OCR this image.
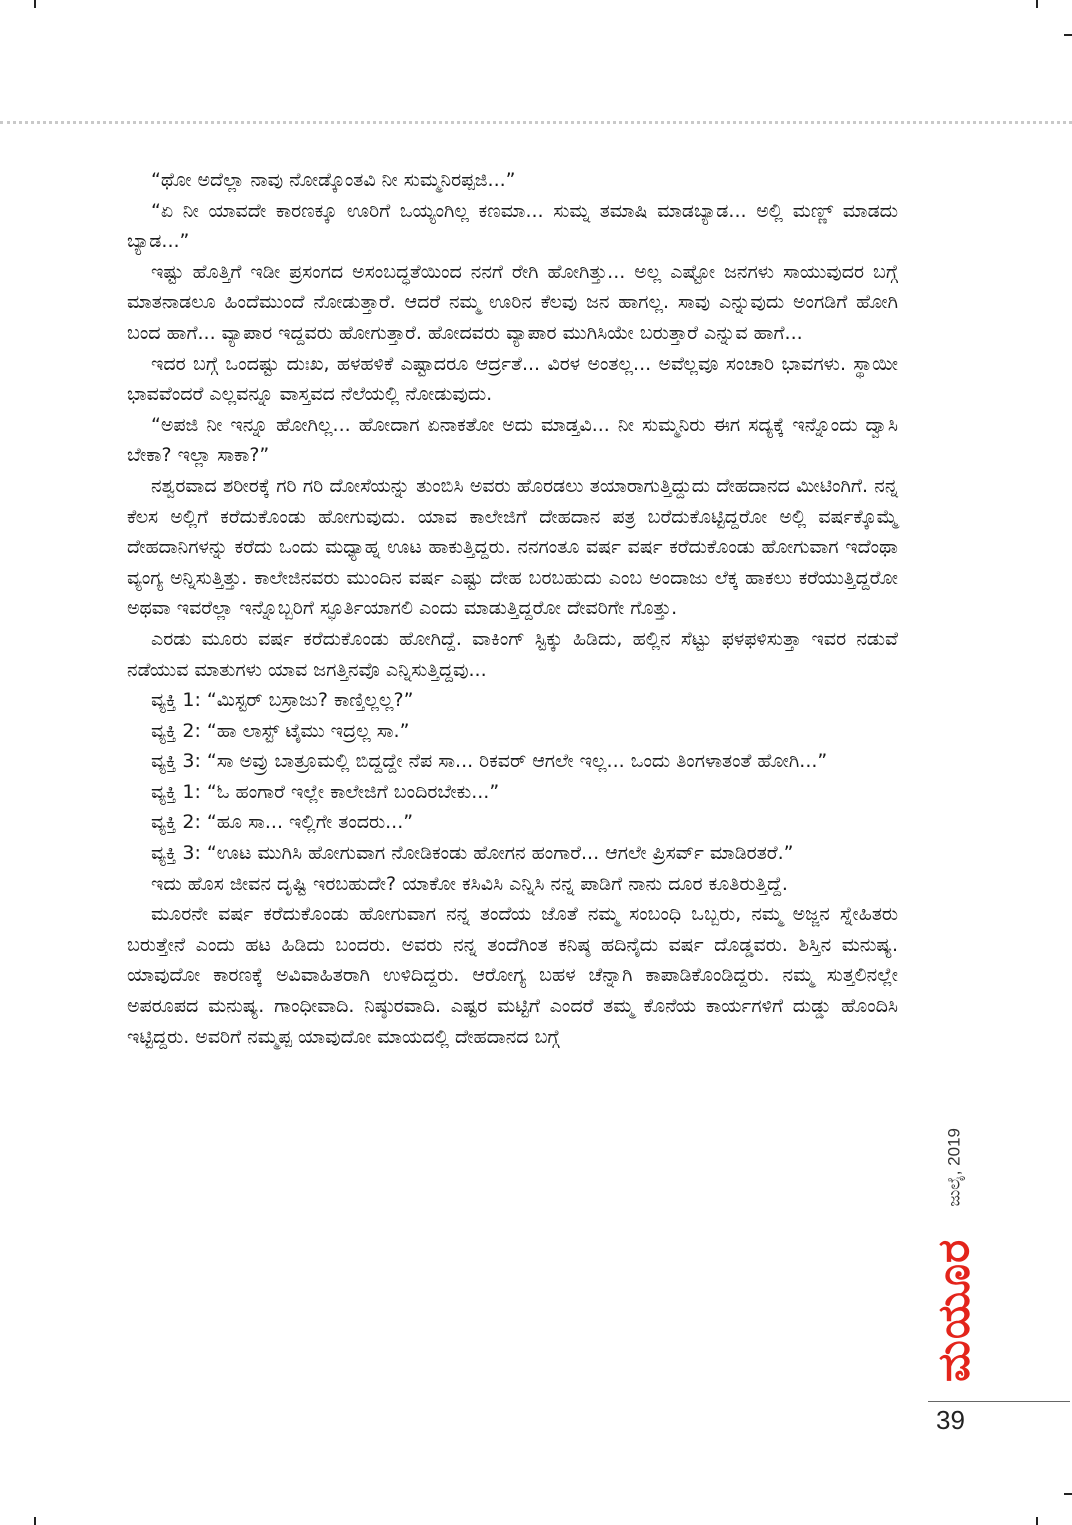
“ಥೋ ಅದೆಲ್ಲಾ ನಾವು ನೋಡ್ಕೊಂತವಿ ನೀ ಸುಮ್ಮನಿರಪ್ಪಜಿ...”

“ಏ ನೀ ಯಾವದೇ ಕಾರಣಕ್ಕೂ ಊರಿಗೆ ಒಯ್ಯಂಗಿಲ್ಲ ಕಣಮಾ... ಸುಮ್ನ ತಮಾಷಿ ಮಾಡಬ್ಯಾಡ... ಅಲ್ಲಿ ಮಣ್ಣ್ ಮಾಡದು ಬ್ಯಾಡ...”

ಇಷ್ಟು ಹೊತ್ತಿಗೆ ಇಡೀ ಪ್ರಸಂಗದ ಅಸಂಬದ್ಧತೆಯಿಂದ ನನಗೆ ರೇಗಿ ಹೋಗಿತ್ತು... ಅಲ್ಲ ಎಷ್ಟೋ ಜನಗಳು ಸಾಯುವುದರ ಬಗ್ಗೆ ಮಾತನಾಡಲೂ ಹಿಂದೆಮುಂದೆ ನೋಡುತ್ತಾರೆ. ಆದರೆ ನಮ್ಮ ಊರಿನ ಕೆಲವು ಜನ ಹಾಗಲ್ಲ. ಸಾವು ಎನ್ನುವುದು ಅಂಗಡಿಗೆ ಹೋಗಿ ಬಂದ ಹಾಗೆ... ವ್ಯಾಪಾರ ಇದ್ದವರು ಹೋಗುತ್ತಾರೆ. ಹೋದವರು ವ್ಯಾಪಾರ ಮುಗಿಸಿಯೇ ಬರುತ್ತಾರೆ ಎನ್ನುವ ಹಾಗೆ...

ಇದರ ಬಗ್ಗೆ ಒಂದಷ್ಟು ದುಃಖ, ಹಳಹಳಿಕೆ ಎಷ್ಟಾದರೂ ಆರ್ದ್ರತೆ... ವಿರಳ ಅಂತಲ್ಲ... ಅವೆಲ್ಲವೂ ಸಂಚಾರಿ ಭಾವಗಳು. ಸ್ಥಾಯೀ ಭಾವವೆಂದರೆ ಎಲ್ಲವನ್ನೂ ವಾಸ್ತವದ ನೆಲೆಯಲ್ಲಿ ನೋಡುವುದು.

“ಅಪಜಿ ನೀ ಇನ್ನೂ ಹೋಗಿಲ್ಲ... ಹೋದಾಗ ಏನಾಕತೋ ಅದು ಮಾಡ್ತವಿ... ನೀ ಸುಮ್ಮನಿರು ಈಗ ಸದ್ಯಕ್ಕೆ ಇನ್ನೊಂದು ದ್ವಾಸಿ ಬೇಕಾ? ಇಲ್ಲಾ ಸಾಕಾ?”

ನಶ್ವರವಾದ ಶರೀರಕ್ಕೆ ಗರಿ ಗರಿ ದೋಸೆಯನ್ನು ತುಂಬಿಸಿ ಅವರು ಹೊರಡಲು ತಯಾರಾಗುತ್ತಿದ್ದುದು ದೇಹದಾನದ ಮೀಟಿಂಗಿಗೆ. ನನ್ನ ಕೆಲಸ ಅಲ್ಲಿಗೆ ಕರೆದುಕೊಂಡು ಹೋಗುವುದು. ಯಾವ ಕಾಲೇಜಿಗೆ ದೇಹದಾನ ಪತ್ರ ಬರೆದುಕೊಟ್ಟಿದ್ದರೋ ಅಲ್ಲಿ ವರ್ಷಕ್ಕೊಮ್ಮೆ ದೇಹದಾನಿಗಳನ್ನು ಕರೆದು ಒಂದು ಮಧ್ಯಾಹ್ನ ಊಟ ಹಾಕುತ್ತಿದ್ದರು. ನನಗಂತೂ ವರ್ಷ ವರ್ಷ ಕರೆದುಕೊಂಡು ಹೋಗುವಾಗ ಇದೆಂಥಾ ವ್ಯಂಗ್ಯ ಅನ್ನಿಸುತ್ತಿತ್ತು. ಕಾಲೇಜಿನವರು ಮುಂದಿನ ವರ್ಷ ಎಷ್ಟು ದೇಹ ಬರಬಹುದು ಎಂಬ ಅಂದಾಜು ಲೆಕ್ಕ ಹಾಕಲು ಕರೆಯುತ್ತಿದ್ದರೋ ಅಥವಾ ಇವರೆಲ್ಲಾ ಇನ್ನೊಬ್ಬರಿಗೆ ಸ್ಫೂರ್ತಿಯಾಗಲಿ ಎಂದು ಮಾಡುತ್ತಿದ್ದರೋ ದೇವರಿಗೇ ಗೊತ್ತು.

ಎರಡು ಮೂರು ವರ್ಷ ಕರೆದುಕೊಂಡು ಹೋಗಿದ್ದೆ. ವಾಕಿಂಗ್ ಸ್ಟಿಕ್ಕು ಹಿಡಿದು, ಹಲ್ಲಿನ ಸೆಟ್ಟು ಫಳಫಳಿಸುತ್ತಾ ಇವರ ನಡುವೆ ನಡೆಯುವ ಮಾತುಗಳು ಯಾವ ಜಗತ್ತಿನವೊ ಎನ್ನಿಸುತ್ತಿದ್ದವು...

ವ್ಯಕ್ತಿ 1: “ಮಿಸ್ಟರ್ ಬಸ್ರಾಜು? ಕಾಣ್ತಿಲ್ಲಲ್ಲ?”

ವ್ಯಕ್ತಿ 2: “ಹಾ ಲಾಸ್ಟ್ ಟೈಮು ಇದ್ರಲ್ಲ ಸಾ.”

ವ್ಯಕ್ತಿ 3: “ಸಾ ಅವ್ರು ಬಾತ್ರೂಮಲ್ಲಿ ಬಿದ್ದದ್ದೇ ನೆಪ ಸಾ... ರಿಕವರ್ ಆಗಲೇ ಇಲ್ಲ... ಒಂದು ತಿಂಗಳಾತಂತೆ ಹೋಗಿ...”

ವ್ಯಕ್ತಿ 1: “ಓ ಹಂಗಾರೆ ಇಲ್ಲೇ ಕಾಲೇಜಿಗೆ ಬಂದಿರಬೇಕು...”

ವ್ಯಕ್ತಿ 2: “ಹೂ ಸಾ... ಇಲ್ಲಿಗೇ ತಂದರು...”

ವ್ಯಕ್ತಿ 3: “ಊಟ ಮುಗಿಸಿ ಹೋಗುವಾಗ ನೋಡಿಕಂಡು ಹೋಗನ ಹಂಗಾರೆ... ಆಗಲೇ ಪ್ರಿಸರ್ವ್ ಮಾಡಿರತರೆ.”

ಇದು ಹೊಸ ಜೀವನ ದೃಷ್ಟಿ ಇರಬಹುದೇ? ಯಾಕೋ ಕಸಿವಿಸಿ ಎನ್ನಿಸಿ ನನ್ನ ಪಾಡಿಗೆ ನಾನು ದೂರ ಕೂತಿರುತ್ತಿದ್ದೆ.

ಮೂರನೇ ವರ್ಷ ಕರೆದುಕೊಂಡು ಹೋಗುವಾಗ ನನ್ನ ತಂದೆಯ ಜೊತೆ ನಮ್ಮ ಸಂಬಂಧಿ ಒಬ್ಬರು, ನಮ್ಮ ಅಜ್ಜನ ಸ್ನೇಹಿತರು ಬರುತ್ತೇನೆ ಎಂದು ಹಟ ಹಿಡಿದು ಬಂದರು. ಅವರು ನನ್ನ ತಂದೆಗಿಂತ ಕನಿಷ್ಠ ಹದಿನೈದು ವರ್ಷ ದೊಡ್ಡವರು. ಶಿಸ್ತಿನ ಮನುಷ್ಯ. ಯಾವುದೋ ಕಾರಣಕ್ಕೆ ಅವಿವಾಹಿತರಾಗಿ ಉಳಿದಿದ್ದರು. ಆರೋಗ್ಯ ಬಹಳ ಚೆನ್ನಾಗಿ ಕಾಪಾಡಿಕೊಂಡಿದ್ದರು. ನಮ್ಮ ಸುತ್ತಲಿನಲ್ಲೇ ಅಪರೂಪದ ಮನುಷ್ಯ. ಗಾಂಧೀವಾದಿ. ನಿಷ್ಠುರವಾದಿ. ಎಷ್ಟರ ಮಟ್ಟಿಗೆ ಎಂದರೆ ತಮ್ಮ ಕೊನೆಯ ಕಾರ್ಯಗಳಿಗೆ ದುಡ್ಡು ಹೊಂದಿಸಿ ಇಟ್ಟಿದ್ದರು. ಅವರಿಗೆ ನಮ್ಮಪ್ಪ ಯಾವುದೋ ಮಾಯದಲ್ಲಿ ದೇಹದಾನದ ಬಗ್ಗೆ

ಮಯೂರ
ಜುಲೈ, 2019
39
